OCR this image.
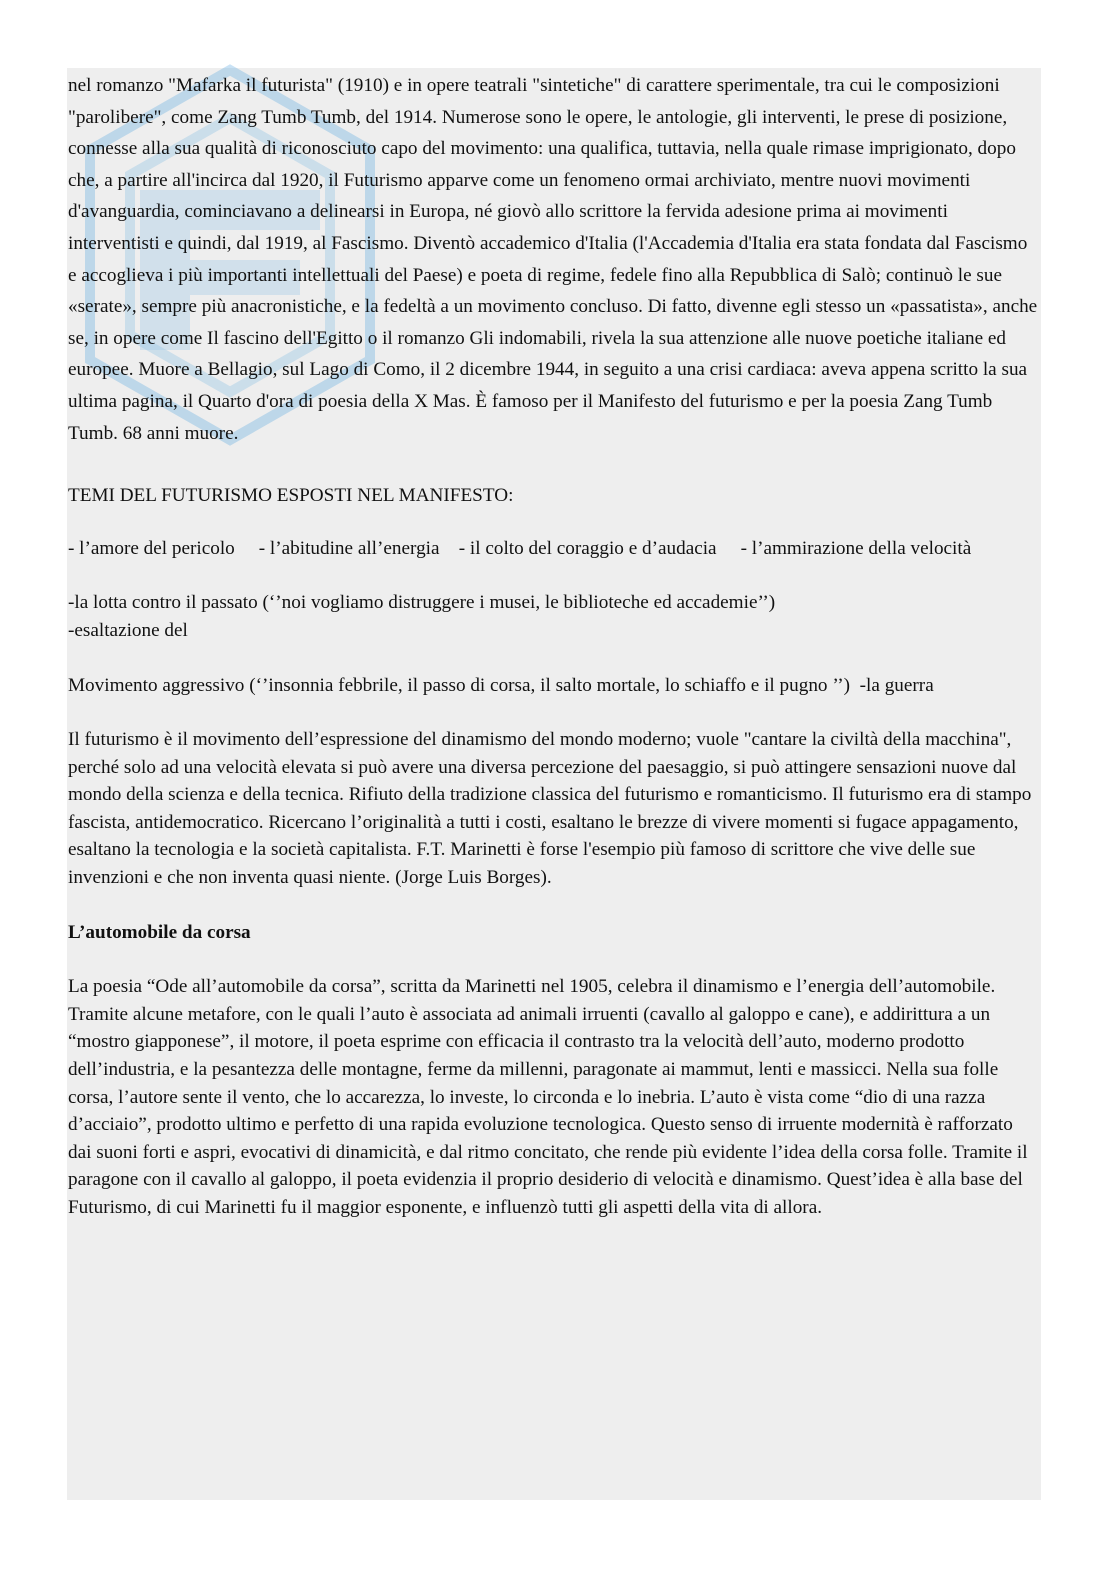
nel romanzo "Mafarka il futurista" (1910) e in opere teatrali "sintetiche" di carattere sperimentale, tra cui le composizioni "parolibere", come Zang Tumb Tumb, del 1914. Numerose sono le opere, le antologie, gli interventi, le prese di posizione, connesse alla sua qualità di riconosciuto capo del movimento: una qualifica, tuttavia, nella quale rimase imprigionato, dopo che, a partire all'incirca dal 1920, il Futurismo apparve come un fenomeno ormai archiviato, mentre nuovi movimenti d'avanguardia, cominciavano a delinearsi in Europa, né giovò allo scrittore la fervida adesione prima ai movimenti interventisti e quindi, dal 1919, al Fascismo. Diventò accademico d'Italia (l'Accademia d'Italia era stata fondata dal Fascismo e accoglieva i più importanti intellettuali del Paese) e poeta di regime, fedele fino alla Repubblica di Salò; continuò le sue «serate», sempre più anacronistiche, e la fedeltà a un movimento concluso. Di fatto, divenne egli stesso un «passatista», anche se, in opere come Il fascino dell'Egitto o il romanzo Gli indomabili, rivela la sua attenzione alle nuove poetiche italiane ed europee. Muore a Bellagio, sul Lago di Como, il 2 dicembre 1944, in seguito a una crisi cardiaca: aveva appena scritto la sua ultima pagina, il Quarto d'ora di poesia della X Mas. È famoso per il Manifesto del futurismo e per la poesia Zang Tumb Tumb. 68 anni muore.

TEMI DEL FUTURISMO ESPOSTI NEL MANIFESTO:

- l’amore del pericolo - l’abitudine all’energia - il colto del coraggio e d’audacia - l’ammirazione della velocità

-la lotta contro il passato (‘’noi vogliamo distruggere i musei, le biblioteche ed accademie’’)

-esaltazione del

Movimento aggressivo (‘’insonnia febbrile, il passo di corsa, il salto mortale, lo schiaffo e il pugno ’’) -la guerra

Il futurismo è il movimento dell’espressione del dinamismo del mondo moderno; vuole "cantare la civiltà della macchina", perché solo ad una velocità elevata si può avere una diversa percezione del paesaggio, si può attingere sensazioni nuove dal mondo della scienza e della tecnica. Rifiuto della tradizione classica del futurismo e romanticismo. Il futurismo era di stampo fascista, antidemocratico. Ricercano l’originalità a tutti i costi, esaltano le brezze di vivere momenti si fugace appagamento, esaltano la tecnologia e la società capitalista. F.T. Marinetti è forse l'esempio più famoso di scrittore che vive delle sue invenzioni e che non inventa quasi niente. (Jorge Luis Borges).

L’automobile da corsa

La poesia “Ode all’automobile da corsa”, scritta da Marinetti nel 1905, celebra il dinamismo e l’energia dell’automobile. Tramite alcune metafore, con le quali l’auto è associata ad animali irruenti (cavallo al galoppo e cane), e addirittura a un “mostro giapponese”, il motore, il poeta esprime con efficacia il contrasto tra la velocità dell’auto, moderno prodotto dell’industria, e la pesantezza delle montagne, ferme da millenni, paragonate ai mammut, lenti e massicci. Nella sua folle corsa, l’autore sente il vento, che lo accarezza, lo investe, lo circonda e lo inebria. L’auto è vista come “dio di una razza d’acciaio”, prodotto ultimo e perfetto di una rapida evoluzione tecnologica. Questo senso di irruente modernità è rafforzato dai suoni forti e aspri, evocativi di dinamicità, e dal ritmo concitato, che rende più evidente l’idea della corsa folle. Tramite il paragone con il cavallo al galoppo, il poeta evidenzia il proprio desiderio di velocità e dinamismo. Quest’idea è alla base del Futurismo, di cui Marinetti fu il maggior esponente, e influenzò tutti gli aspetti della vita di allora.
